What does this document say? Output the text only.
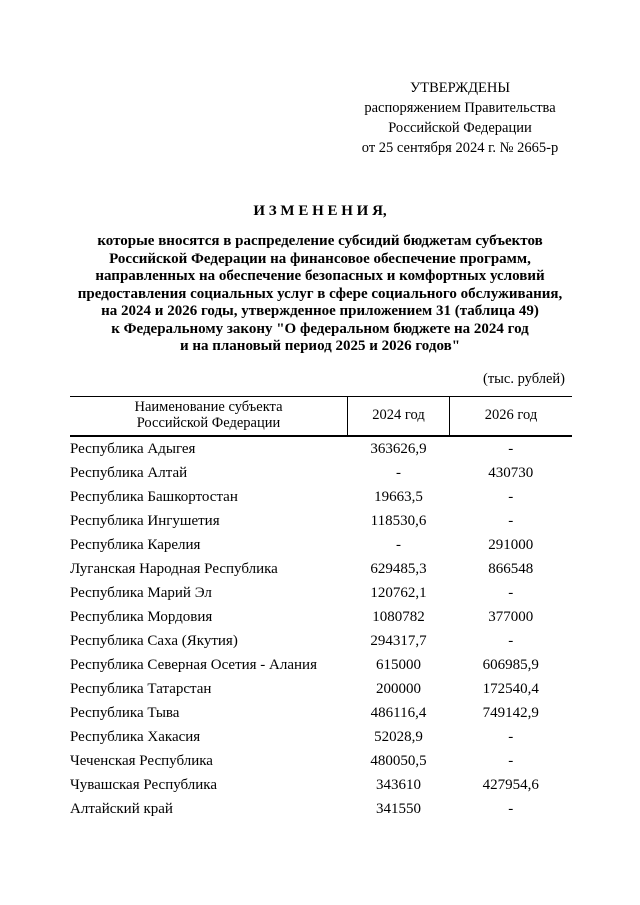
УТВЕРЖДЕНЫ
распоряжением Правительства
Российской Федерации
от 25 сентября 2024 г. № 2665-р
И З М Е Н Е Н И Я,
которые вносятся в распределение субсидий бюджетам субъектов
Российской Федерации на финансовое обеспечение программ,
направленных на обеспечение безопасных и комфортных условий
предоставления социальных услуг в сфере социального обслуживания,
на 2024 и 2026 годы, утвержденное приложением 31 (таблица 49)
к Федеральному закону "О федеральном бюджете на 2024 год
и на плановый период 2025 и 2026 годов"
(тыс. рублей)
Наименование субъекта
Российской Федерации	2024 год	2026 год
Республика Адыгея	363626,9	-
Республика Алтай	-	430730
Республика Башкортостан	19663,5	-
Республика Ингушетия	118530,6	-
Республика Карелия	-	291000
Луганская Народная Республика	629485,3	866548
Республика Марий Эл	120762,1	-
Республика Мордовия	1080782	377000
Республика Саха (Якутия)	294317,7	-
Республика Северная Осетия - Алания	615000	606985,9
Республика Татарстан	200000	172540,4
Республика Тыва	486116,4	749142,9
Республика Хакасия	52028,9	-
Чеченская Республика	480050,5	-
Чувашская Республика	343610	427954,6
Алтайский край	341550	-
